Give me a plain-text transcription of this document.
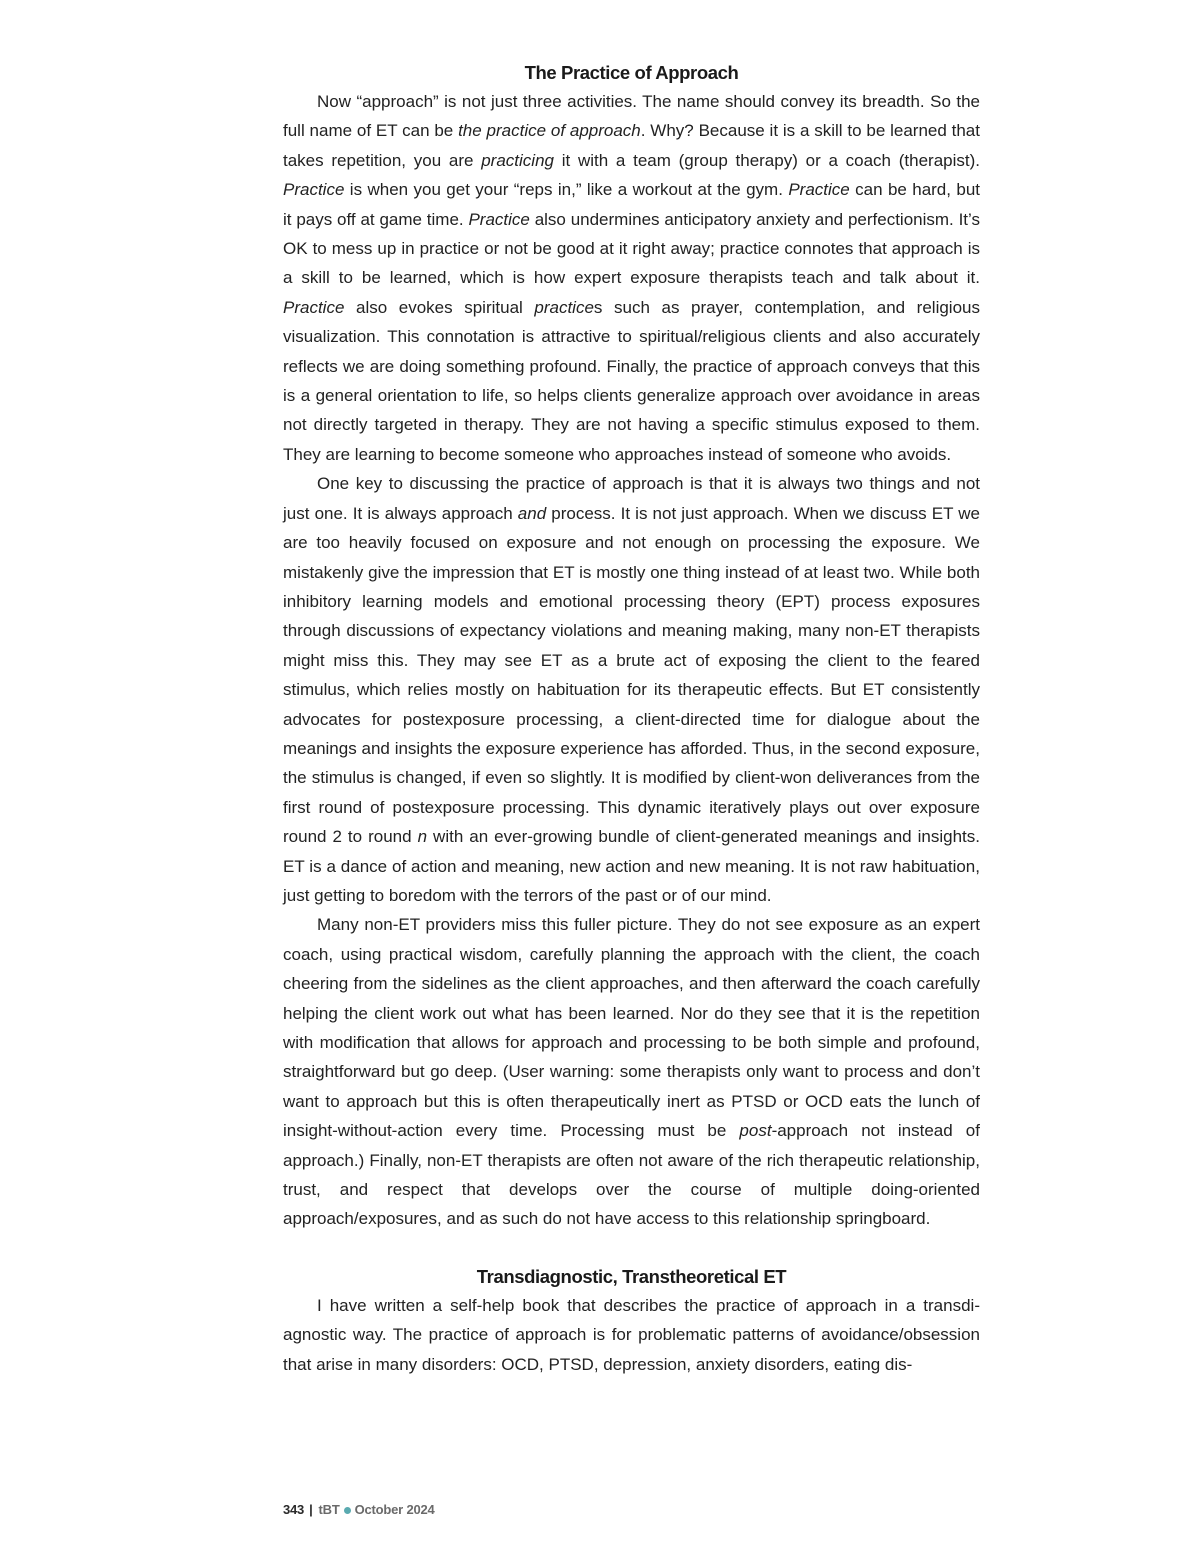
The Practice of Approach

Now “approach” is not just three activities. The name should convey its breadth. So the full name of ET can be the practice of approach. Why? Because it is a skill to be learned that takes repetition, you are practicing it with a team (group therapy) or a coach (therapist). Practice is when you get your “reps in,” like a workout at the gym. Practice can be hard, but it pays off at game time. Practice also undermines anticipatory anxiety and perfectionism. It’s OK to mess up in practice or not be good at it right away; practice connotes that approach is a skill to be learned, which is how expert exposure therapists teach and talk about it. Practice also evokes spiritual practices such as prayer, contemplation, and religious visualization. This connotation is attractive to spiritual/religious clients and also accurately reflects we are doing something profound. Finally, the practice of approach conveys that this is a general orientation to life, so helps clients generalize approach over avoidance in areas not directly targeted in therapy. They are not having a specific stimulus exposed to them. They are learning to become someone who approaches instead of someone who avoids.

One key to discussing the practice of approach is that it is always two things and not just one. It is always approach and process. It is not just approach. When we discuss ET we are too heavily focused on exposure and not enough on processing the exposure. We mistakenly give the impression that ET is mostly one thing instead of at least two. While both inhibitory learning models and emotional processing theory (EPT) process exposures through discussions of expectancy violations and meaning making, many non-ET therapists might miss this. They may see ET as a brute act of exposing the client to the feared stimulus, which relies mostly on habituation for its therapeutic effects. But ET consistently advocates for postexposure processing, a client-directed time for dialogue about the meanings and insights the exposure experience has afforded. Thus, in the second exposure, the stimulus is changed, if even so slightly. It is modified by client-won deliverances from the first round of postexposure processing. This dynamic iteratively plays out over exposure round 2 to round n with an ever-growing bundle of client-generated meanings and insights. ET is a dance of action and meaning, new action and new meaning. It is not raw habituation, just getting to boredom with the terrors of the past or of our mind.

Many non-ET providers miss this fuller picture. They do not see exposure as an expert coach, using practical wisdom, carefully planning the approach with the client, the coach cheering from the sidelines as the client approaches, and then afterward the coach carefully helping the client work out what has been learned. Nor do they see that it is the repetition with modification that allows for approach and processing to be both simple and profound, straightforward but go deep. (User warning: some therapists only want to process and don’t want to approach but this is often therapeutically inert as PTSD or OCD eats the lunch of insight-without-action every time. Processing must be post-approach not instead of approach.) Finally, non-ET therapists are often not aware of the rich therapeutic relationship, trust, and respect that develops over the course of multiple doing-oriented approach/exposures, and as such do not have access to this relationship springboard.

Transdiagnostic, Transtheoretical ET

I have written a self-help book that describes the practice of approach in a transdiagnostic way. The practice of approach is for problematic patterns of avoidance/obsession that arise in many disorders: OCD, PTSD, depression, anxiety disorders, eating dis-

343 | tBT October 2024
